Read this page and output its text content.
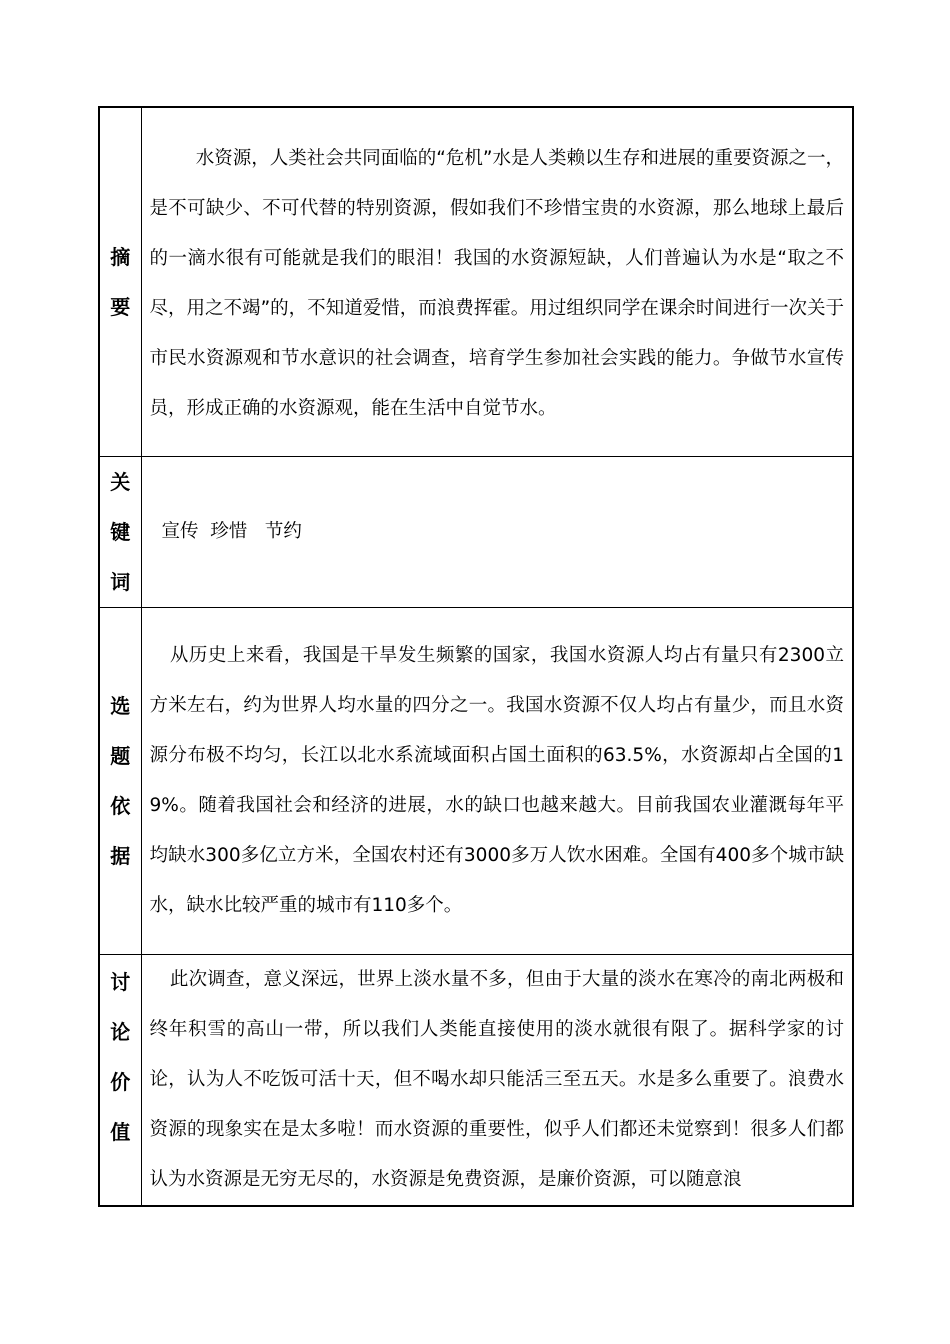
摘要	水资源，人类社会共同面临的“危机”水是人类赖以生存和进展的重要资源之一，是不可缺少、不可代替的特别资源，假如我们不珍惜宝贵的水资源，那么地球上最后的一滴水很有可能就是我们的眼泪！我国的水资源短缺，人们普遍认为水是“取之不尽，用之不竭”的，不知道爱惜，而浪费挥霍。用过组织同学在课余时间进行一次关于市民水资源观和节水意识的社会调查，培育学生参加社会实践的能力。争做节水宣传员，形成正确的水资源观，能在生活中自觉节水。

关键词	宣传  珍惜   节约

选题依据	从历史上来看，我国是干旱发生频繁的国家，我国水资源人均占有量只有2300立方米左右，约为世界人均水量的四分之一。我国水资源不仅人均占有量少，而且水资源分布极不均匀，长江以北水系流域面积占国土面积的63.5%，水资源却占全国的19%。随着我国社会和经济的进展，水的缺口也越来越大。目前我国农业灌溉每年平均缺水300多亿立方米，全国农村还有3000多万人饮水困难。全国有400多个城市缺水，缺水比较严重的城市有110多个。

讨论价值	此次调查，意义深远，世界上淡水量不多，但由于大量的淡水在寒冷的南北两极和终年积雪的高山一带，所以我们人类能直接使用的淡水就很有限了。据科学家的讨论，认为人不吃饭可活十天，但不喝水却只能活三至五天。水是多么重要了。浪费水资源的现象实在是太多啦！而水资源的重要性，似乎人们都还未觉察到！很多人们都认为水资源是无穷无尽的，水资源是免费资源，是廉价资源，可以随意浪
